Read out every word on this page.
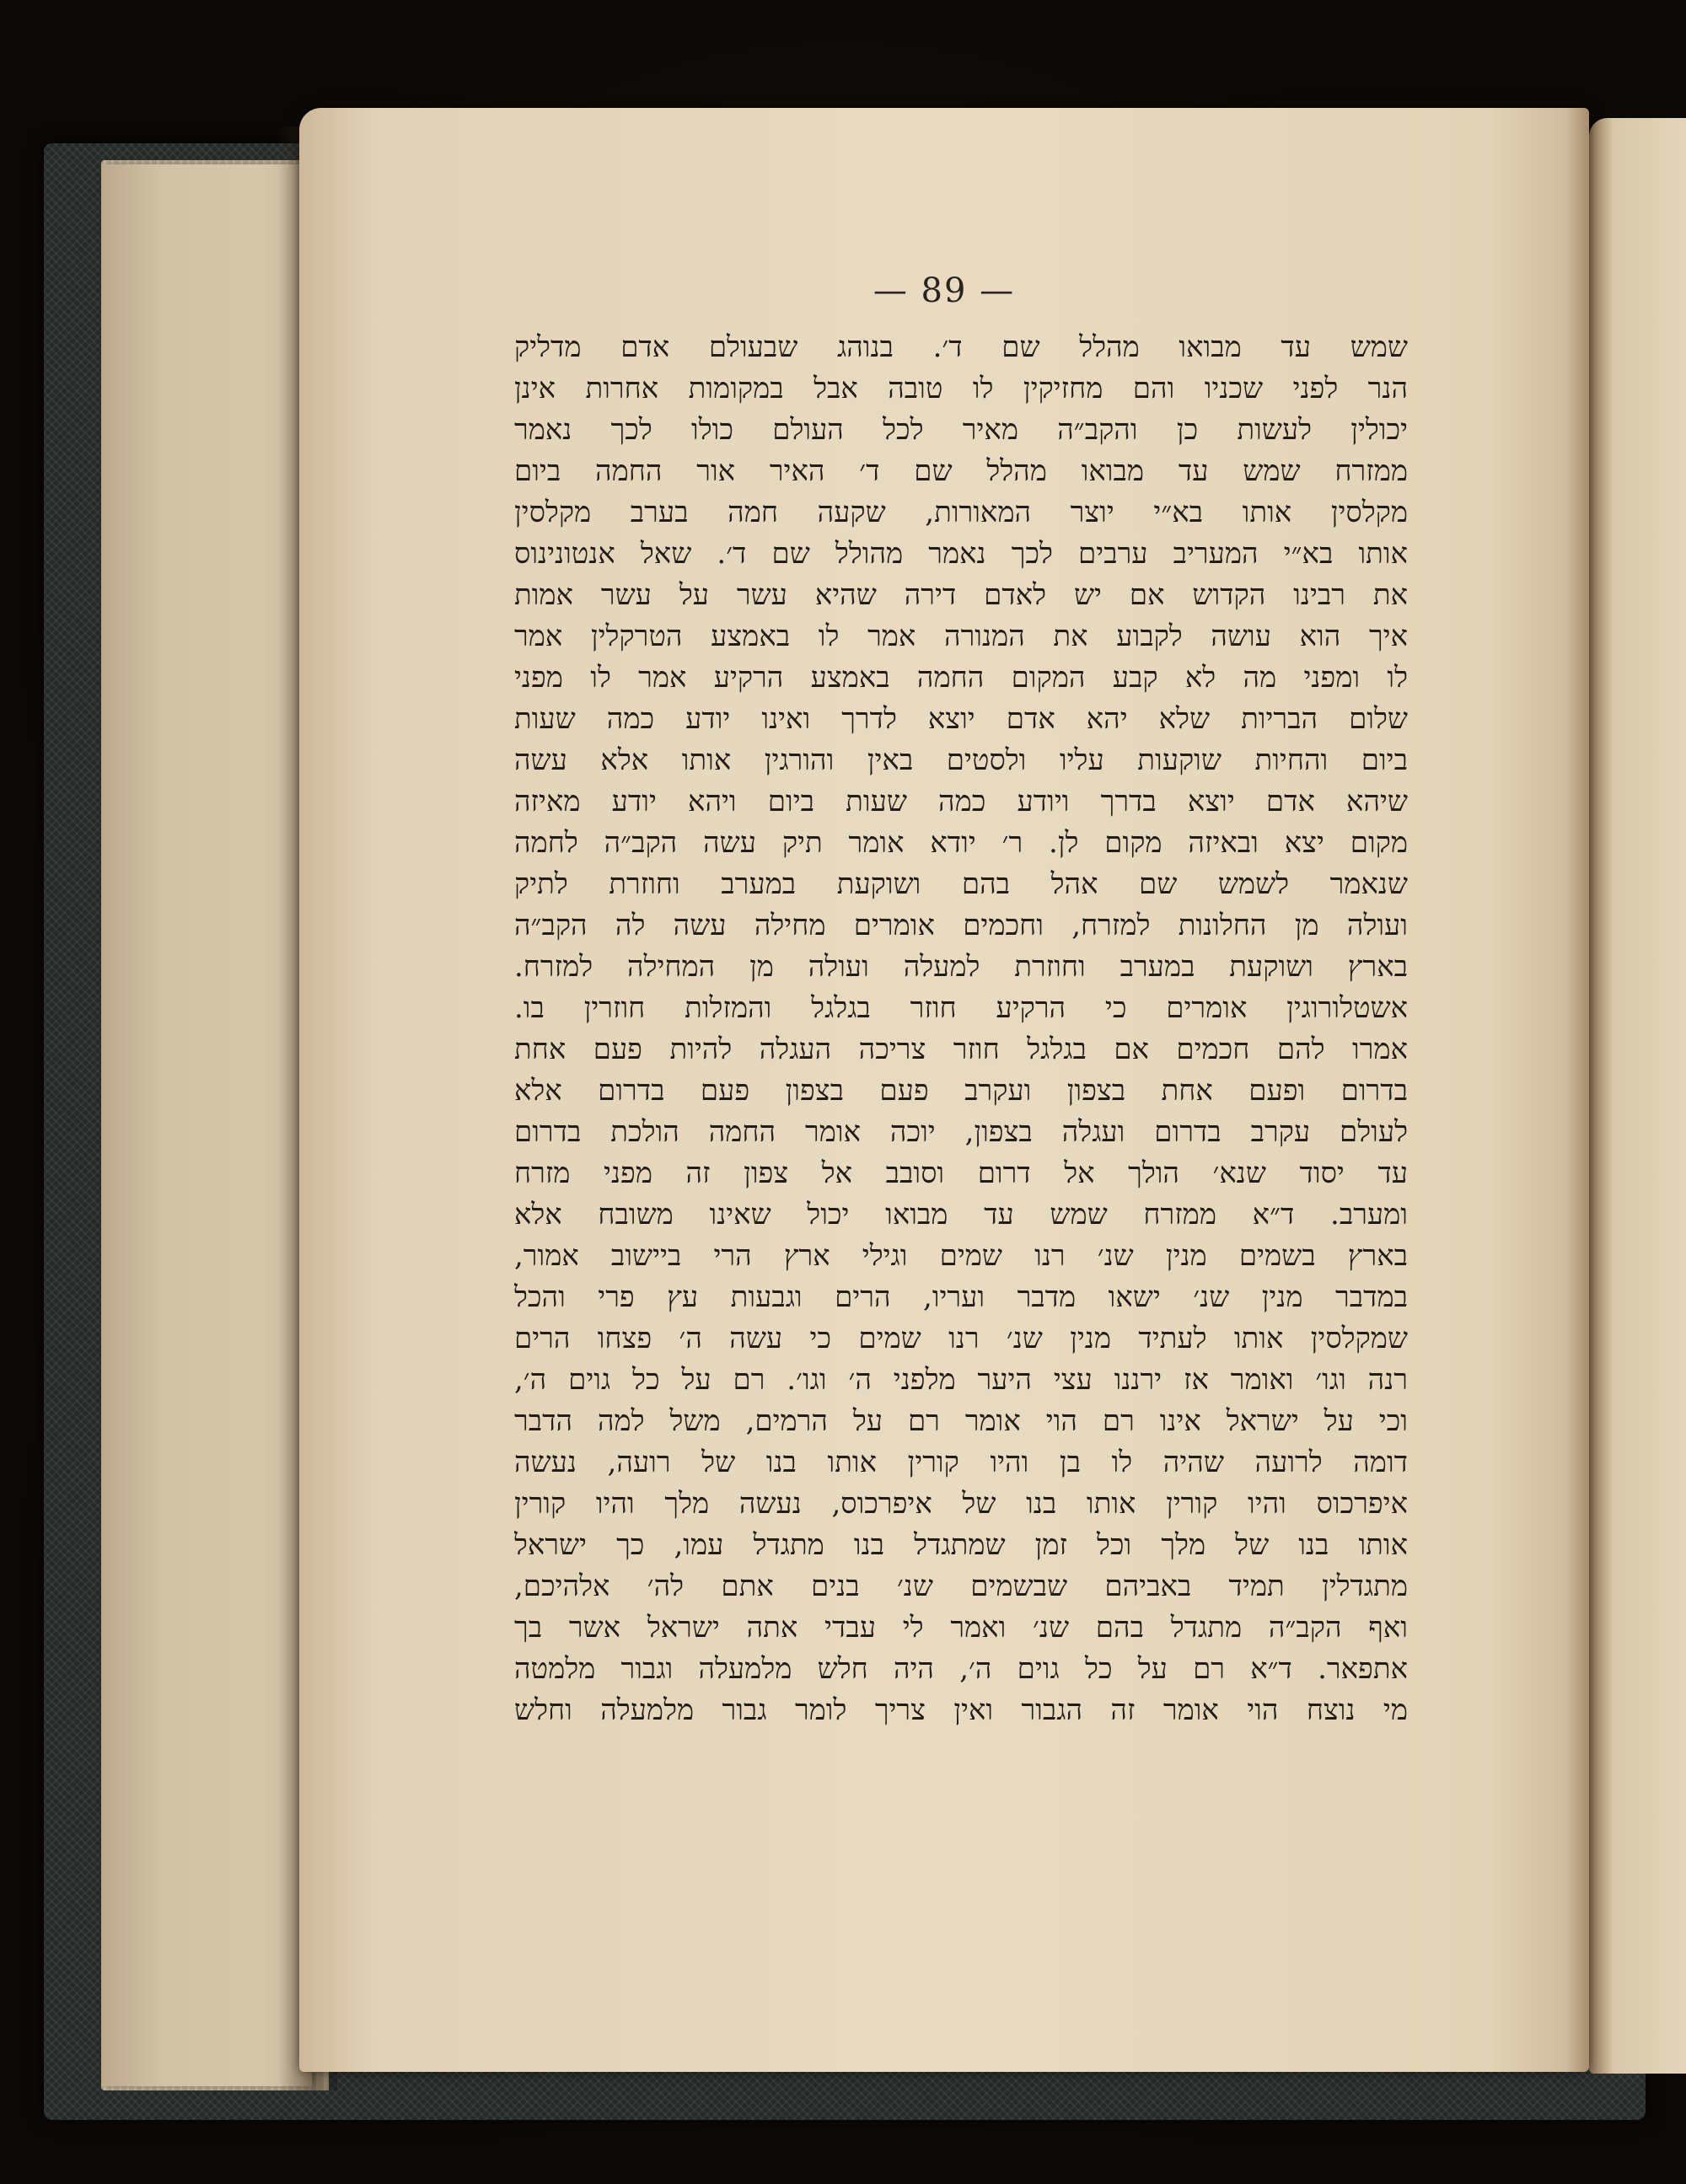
— 89 —
שמש עד מבואו מהלל שם ד׳. בנוהג שבעולם אדם מדליק
הנר לפני שכניו והם מחזיקין לו טובה אבל במקומות אחרות אינן
יכולין לעשות כן והקב״ה מאיר לכל העולם כולו לכך נאמר
ממזרח שמש עד מבואו מהלל שם ד׳ האיר אור החמה ביום
מקלסין אותו בא״י יוצר המאורות, שקעה חמה בערב מקלסין
אותו בא״י המעריב ערבים לכך נאמר מהולל שם ד׳. שאל אנטונינוס
את רבינו הקדוש אם יש לאדם דירה שהיא עשר על עשר אמות
איך הוא עושה לקבוע את המנורה אמר לו באמצע הטרקלין אמר
לו ומפני מה לא קבע המקום החמה באמצע הרקיע אמר לו מפני
שלום הבריות שלא יהא אדם יוצא לדרך ואינו יודע כמה שעות
ביום והחיות שוקעות עליו ולסטים באין והורגין אותו אלא עשה
שיהא אדם יוצא בדרך ויודע כמה שעות ביום ויהא יודע מאיזה
מקום יצא ובאיזה מקום לן. ר׳ יודא אומר תיק עשה הקב״ה לחמה
שנאמר לשמש שם אהל בהם ושוקעת במערב וחוזרת לתיק
ועולה מן החלונות למזרח, וחכמים אומרים מחילה עשה לה הקב״ה
בארץ ושוקעת במערב וחוזרת למעלה ועולה מן המחילה למזרח.
אשטלורוגין אומרים כי הרקיע חוזר בגלגל והמזלות חוזרין בו.
אמרו להם חכמים אם בגלגל חוזר צריכה העגלה להיות פעם אחת
בדרום ופעם אחת בצפון ועקרב פעם בצפון פעם בדרום אלא
לעולם עקרב בדרום ועגלה בצפון, יוכה אומר החמה הולכת בדרום
עד יסוד שנא׳ הולך אל דרום וסובב אל צפון זה מפני מזרח
ומערב. ד״א ממזרח שמש עד מבואו יכול שאינו משובח אלא
בארץ בשמים מנין שנ׳ רנו שמים וגילי ארץ הרי ביישוב אמור,
במדבר מנין שנ׳ ישאו מדבר ועריו, הרים וגבעות עץ פרי והכל
שמקלסין אותו לעתיד מנין שנ׳ רנו שמים כי עשה ה׳ פצחו הרים
רנה וגו׳ ואומר אז ירננו עצי היער מלפני ה׳ וגו׳. רם על כל גוים ה׳,
וכי על ישראל אינו רם הוי אומר רם על הרמים, משל למה הדבר
דומה לרועה שהיה לו בן והיו קורין אותו בנו של רועה, נעשה
איפרכוס והיו קורין אותו בנו של איפרכוס, נעשה מלך והיו קורין
אותו בנו של מלך וכל זמן שמתגדל בנו מתגדל עמו, כך ישראל
מתגדלין תמיד באביהם שבשמים שנ׳ בנים אתם לה׳ אלהיכם,
ואף הקב״ה מתגדל בהם שנ׳ ואמר לי עבדי אתה ישראל אשר בך
אתפאר. ד״א רם על כל גוים ה׳, היה חלש מלמעלה וגבור מלמטה
מי נוצח הוי אומר זה הגבור ואין צריך לומר גבור מלמעלה וחלש
